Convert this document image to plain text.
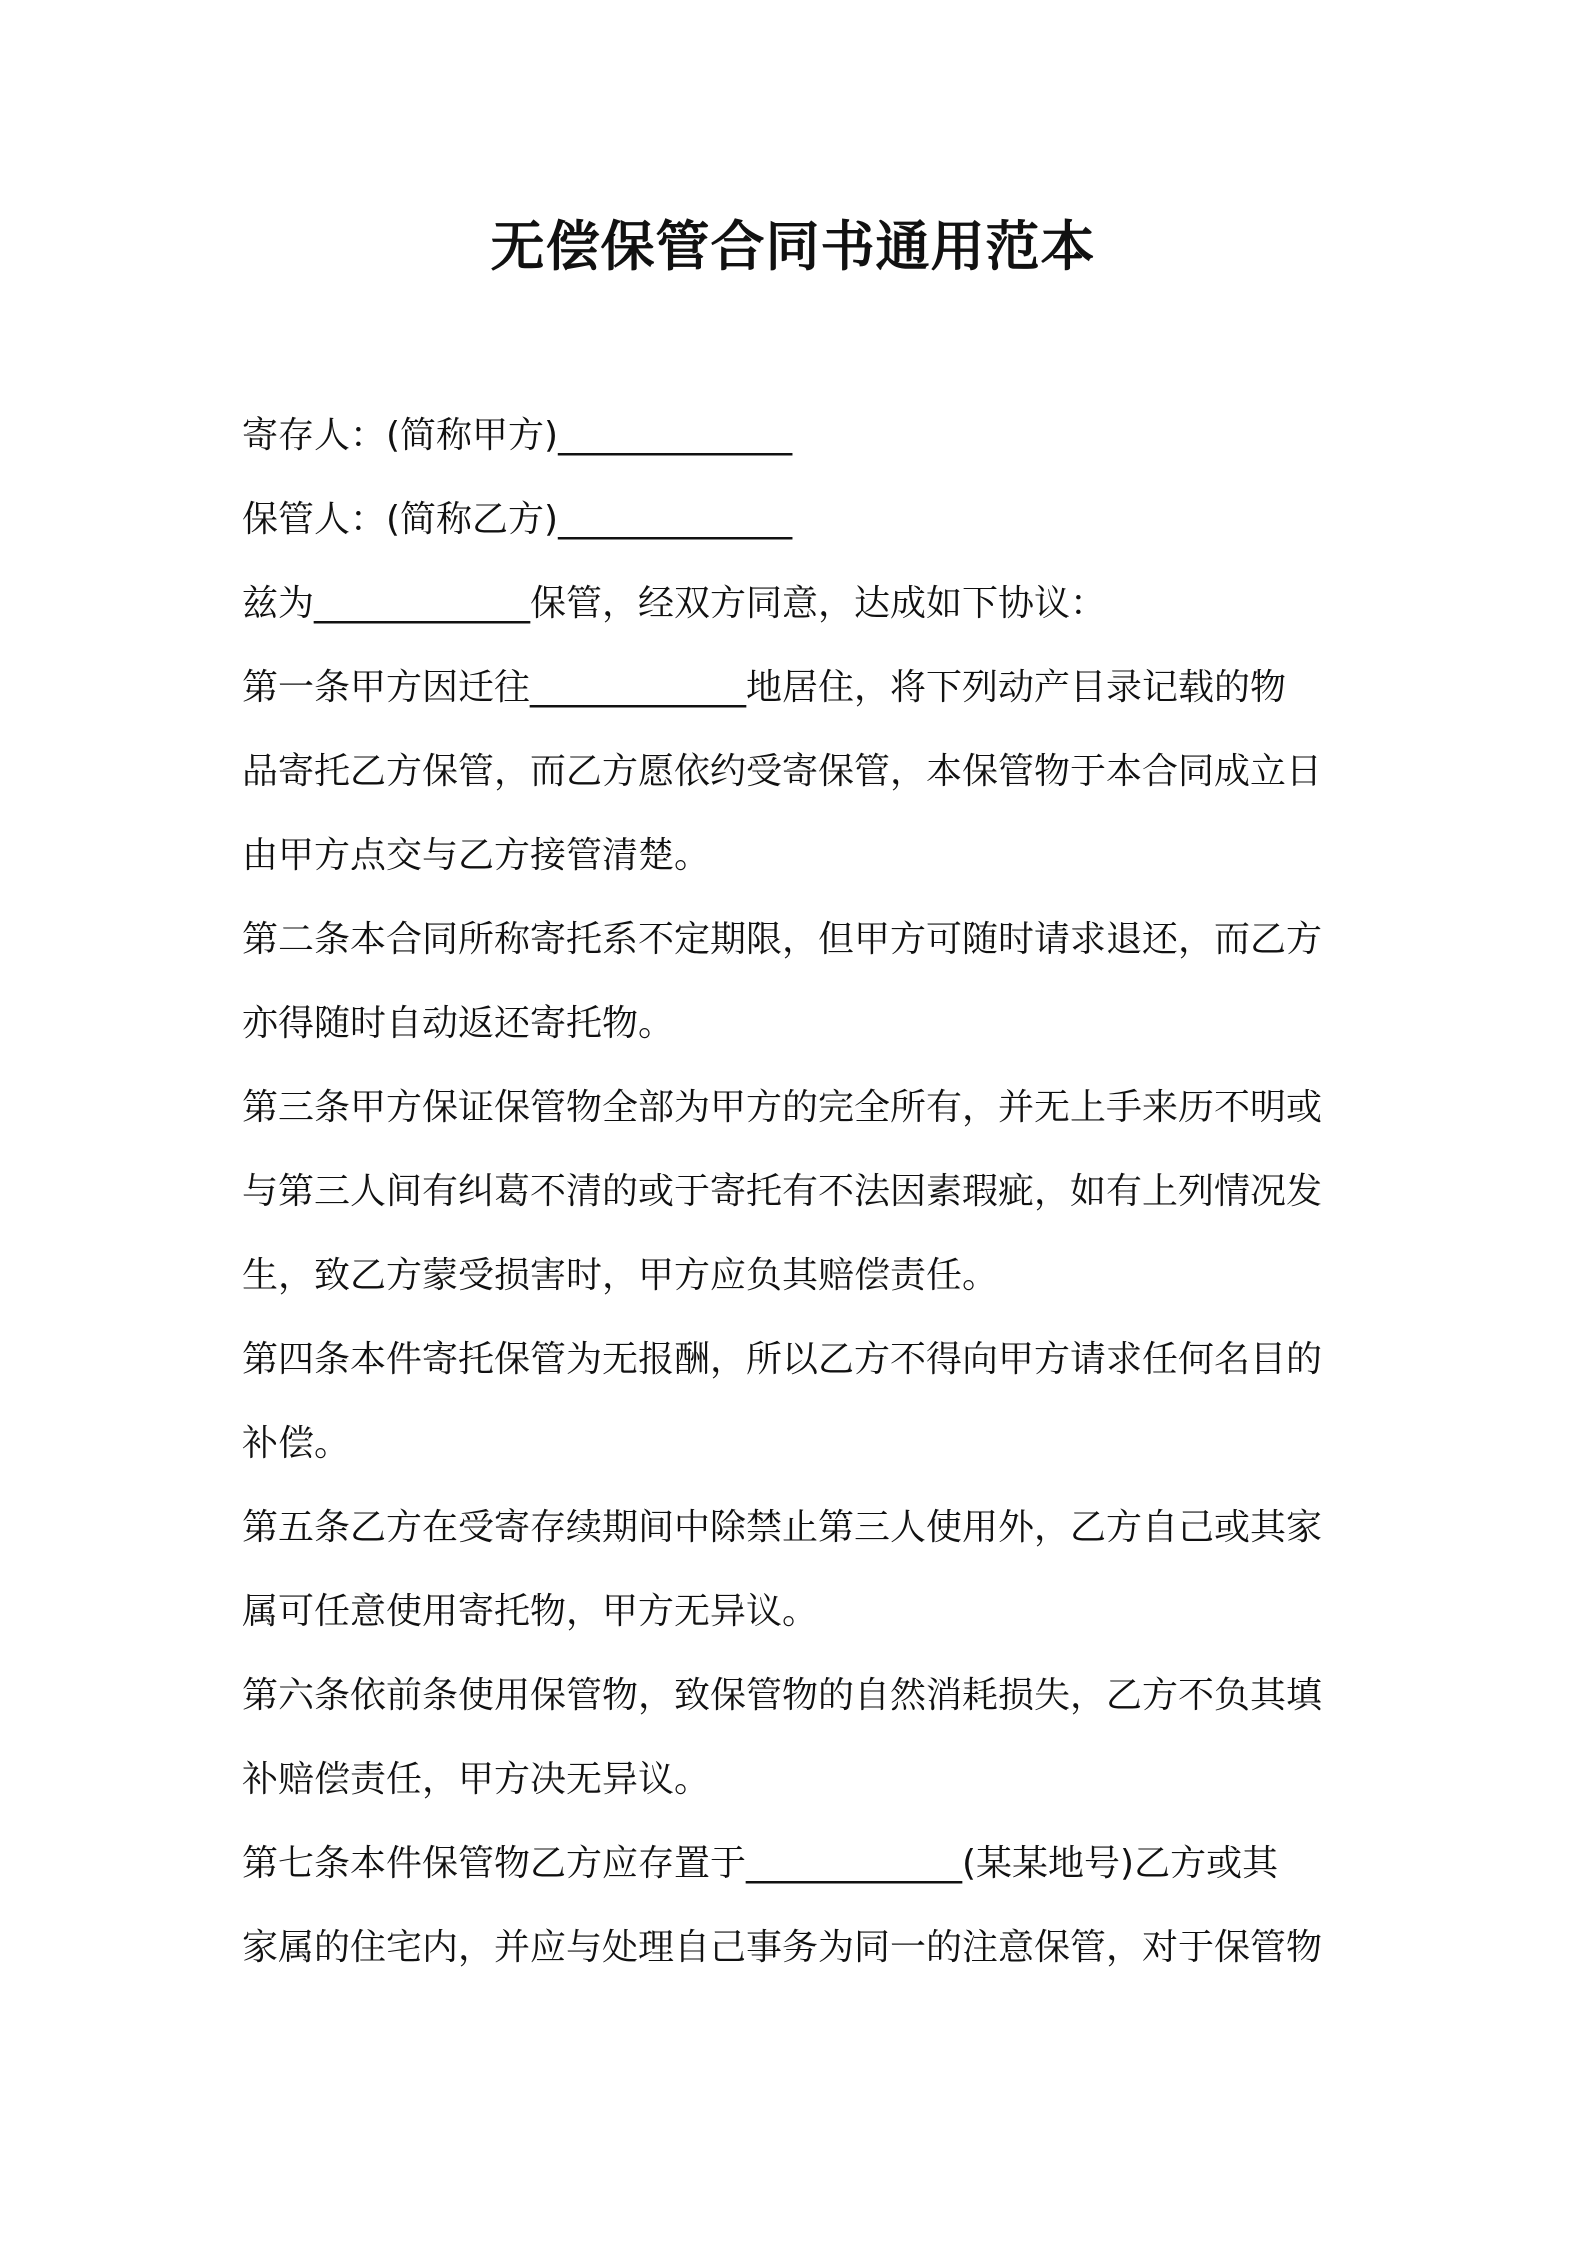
无偿保管合同书通用范本

寄存人：(简称甲方)_____________

保管人：(简称乙方)_____________

兹为____________保管，经双方同意，达成如下协议：

第一条甲方因迁往____________地居住，将下列动产目录记载的物

品寄托乙方保管，而乙方愿依约受寄保管，本保管物于本合同成立日

由甲方点交与乙方接管清楚。

第二条本合同所称寄托系不定期限，但甲方可随时请求退还，而乙方

亦得随时自动返还寄托物。

第三条甲方保证保管物全部为甲方的完全所有，并无上手来历不明或

与第三人间有纠葛不清的或于寄托有不法因素瑕疵，如有上列情况发

生，致乙方蒙受损害时，甲方应负其赔偿责任。

第四条本件寄托保管为无报酬，所以乙方不得向甲方请求任何名目的

补偿。

第五条乙方在受寄存续期间中除禁止第三人使用外，乙方自己或其家

属可任意使用寄托物，甲方无异议。

第六条依前条使用保管物，致保管物的自然消耗损失，乙方不负其填

补赔偿责任，甲方决无异议。

第七条本件保管物乙方应存置于____________(某某地号)乙方或其

家属的住宅内，并应与处理自己事务为同一的注意保管，对于保管物
